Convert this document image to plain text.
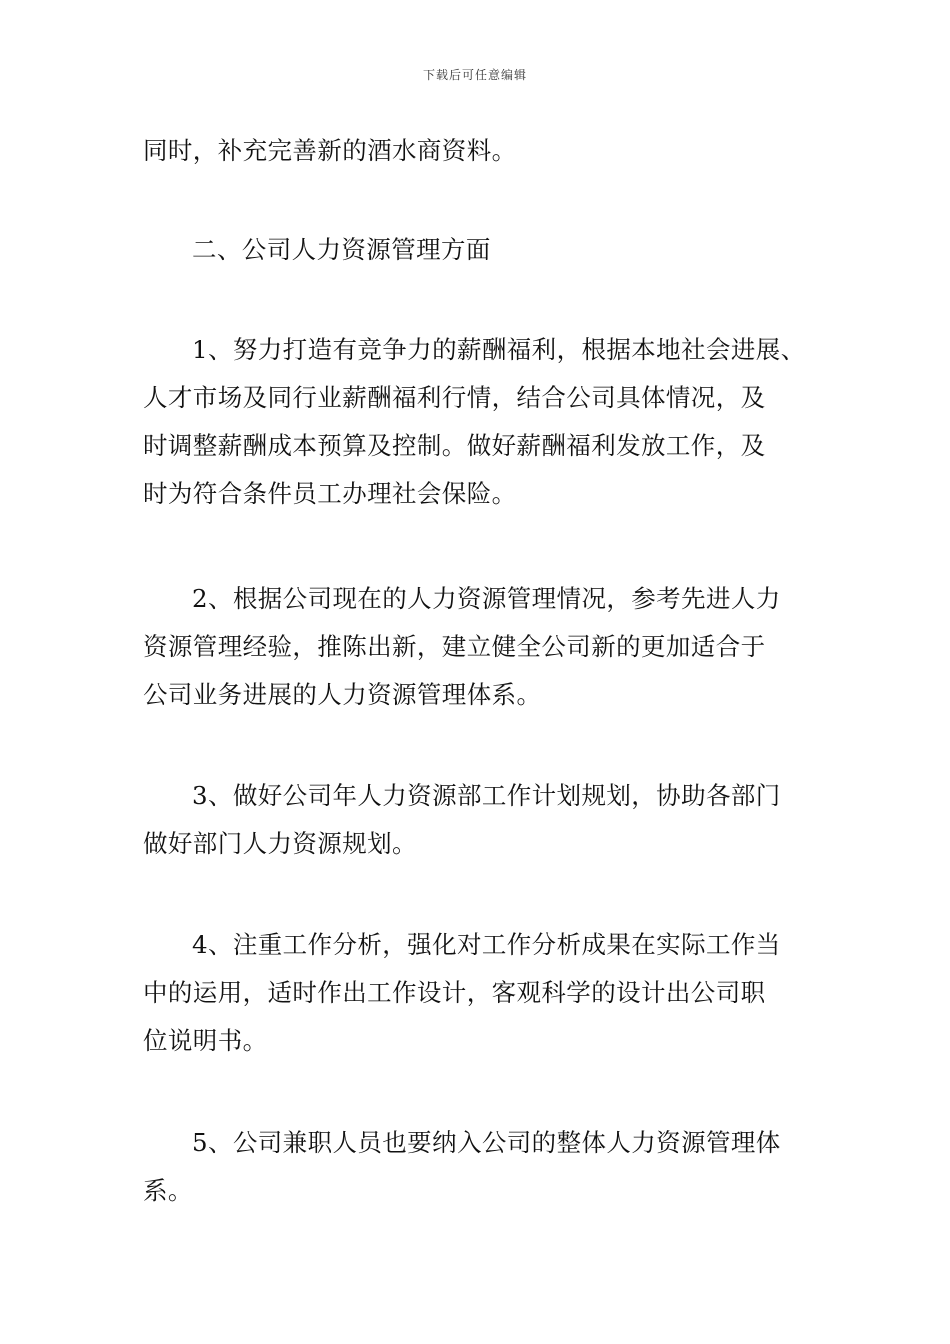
下载后可任意编辑

同时，补充完善新的酒水商资料。

二、公司人力资源管理方面

1、努力打造有竞争力的薪酬福利，根据本地社会进展、
人才市场及同行业薪酬福利行情，结合公司具体情况，及
时调整薪酬成本预算及控制。做好薪酬福利发放工作，及
时为符合条件员工办理社会保险。

2、根据公司现在的人力资源管理情况，参考先进人力
资源管理经验，推陈出新，建立健全公司新的更加适合于
公司业务进展的人力资源管理体系。

3、做好公司年人力资源部工作计划规划，协助各部门
做好部门人力资源规划。

4、注重工作分析，强化对工作分析成果在实际工作当
中的运用，适时作出工作设计，客观科学的设计出公司职
位说明书。

5、公司兼职人员也要纳入公司的整体人力资源管理体
系。
